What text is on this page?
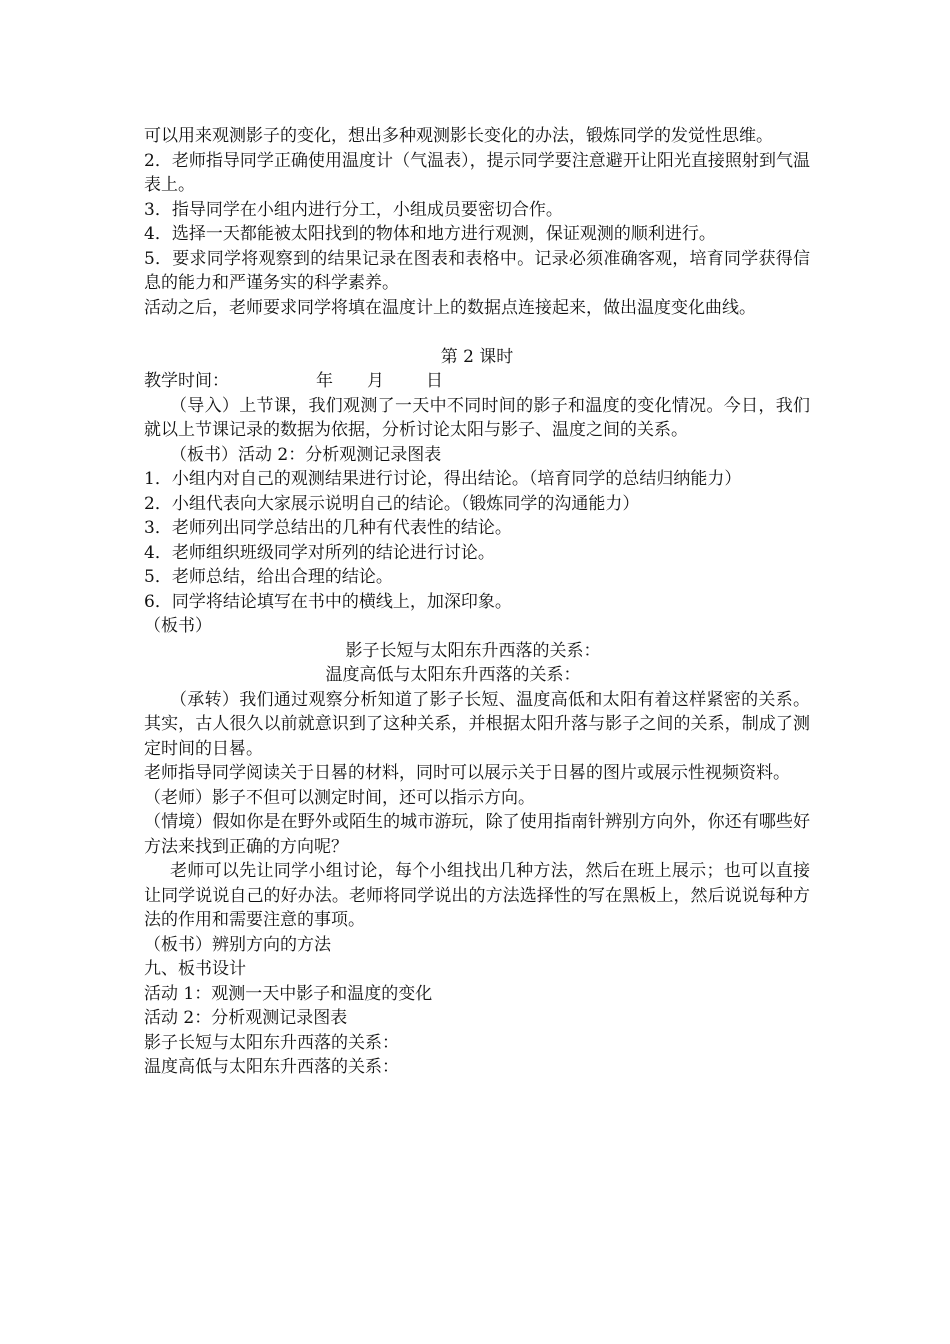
可以用来观测影子的变化，想出多种观测影长变化的办法，锻炼同学的发觉性思维。

2．老师指导同学正确使用温度计（气温表），提示同学要注意避开让阳光直接照射到气温表上。

3．指导同学在小组内进行分工，小组成员要密切合作。

4．选择一天都能被太阳找到的物体和地方进行观测，保证观测的顺利进行。

5．要求同学将观察到的结果记录在图表和表格中。记录必须准确客观，培育同学获得信息的能力和严谨务实的科学素养。

活动之后，老师要求同学将填在温度计上的数据点连接起来，做出温度变化曲线。

第 2 课时

教学时间：	年 月 日

（导入）上节课，我们观测了一天中不同时间的影子和温度的变化情况。今日，我们就以上节课记录的数据为依据，分析讨论太阳与影子、温度之间的关系。

（板书）活动 2：分析观测记录图表

1．小组内对自己的观测结果进行讨论，得出结论。（培育同学的总结归纳能力）

2．小组代表向大家展示说明自己的结论。（锻炼同学的沟通能力）

3．老师列出同学总结出的几种有代表性的结论。

4．老师组织班级同学对所列的结论进行讨论。

5．老师总结，给出合理的结论。

6．同学将结论填写在书中的横线上，加深印象。

（板书）

影子长短与太阳东升西落的关系：

温度高低与太阳东升西落的关系：

（承转）我们通过观察分析知道了影子长短、温度高低和太阳有着这样紧密的关系。其实，古人很久以前就意识到了这种关系，并根据太阳升落与影子之间的关系，制成了测定时间的日晷。

老师指导同学阅读关于日晷的材料，同时可以展示关于日晷的图片或展示性视频资料。

（老师）影子不但可以测定时间，还可以指示方向。

（情境）假如你是在野外或陌生的城市游玩，除了使用指南针辨别方向外，你还有哪些好方法来找到正确的方向呢？

老师可以先让同学小组讨论，每个小组找出几种方法，然后在班上展示；也可以直接让同学说说自己的好办法。老师将同学说出的方法选择性的写在黑板上，然后说说每种方法的作用和需要注意的事项。

（板书）辨别方向的方法

九、板书设计

活动 1：观测一天中影子和温度的变化

活动 2：分析观测记录图表

影子长短与太阳东升西落的关系：

温度高低与太阳东升西落的关系：
